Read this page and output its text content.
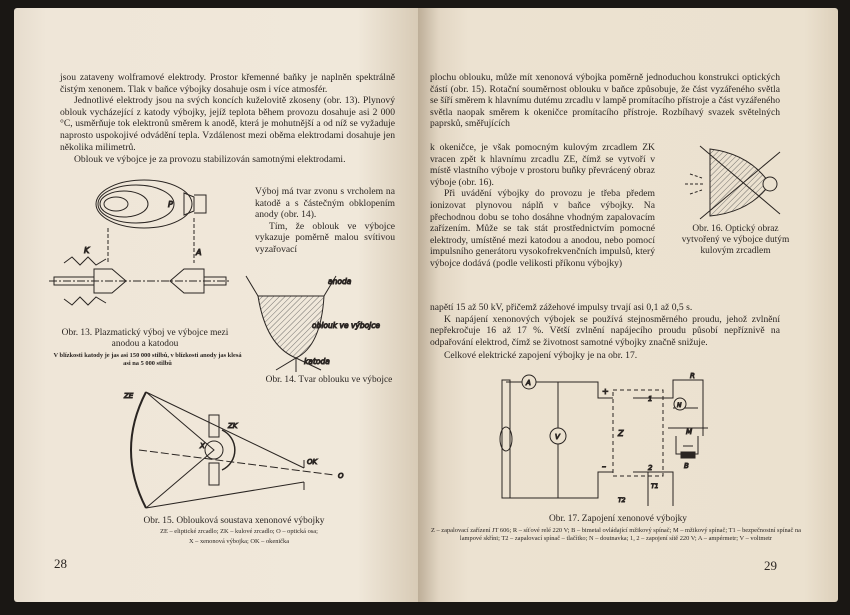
jsou zataveny wolframové elektrody. Prostor křemenné baňky je naplněn spektrálně čistým xenonem. Tlak v baňce výbojky dosahuje osm i více atmosfér.

Jednotlivé elektrody jsou na svých koncích kuželovitě zkoseny (obr. 13). Plynový oblouk vycházející z katody výbojky, jejíž teplota během provozu dosahuje asi 2 000 °C, usměrňuje tok elektronů směrem k anodě, která je mohutnější a od níž se vyžaduje naprosto uspokojivé odvádění tepla. Vzdálenost mezi oběma elektrodami dosahuje jen několika milimetrů.

Oblouk ve výbojce je za provozu stabilizován samotnými elektrodami.

Výboj má tvar zvonu s vrcholem na katodě a s částečným obklopením anody (obr. 14).

Tím, že oblouk ve výbojce vykazuje poměrně malou svítivou vyzařovací

P
K	A
Obr. 13. Plazmatický výboj ve výbojce mezi anodou a katodou
V blízkosti katody je jas asi 150 000 stilbů, v blízkosti anody jas klesá asi na 5 000 stilbů
anoda
oblouk ve výbojce
katoda
Obr. 14. Tvar oblouku ve výbojce
ZE
ZK
X
OK
O
Obr. 15. Oblouková soustava xenonové výbojky
ZE – eliptické zrcadlo; ZK – kulové zrcadlo; O – optická osa;
X – xenonová výbojka; OK – okenička
28

plochu oblouku, může mít xenonová výbojka poměrně jednoduchou konstrukci optických částí (obr. 15). Rotační souměrnost oblouku v baňce způsobuje, že část vyzářeného světla se šíří směrem k hlavnímu dutému zrcadlu v lampě promítacího přístroje a část vyzářeného světla naopak směrem k okeničce promítacího přístroje. Rozbíhavý svazek světelných paprsků, směřujících

k okeničce, je však pomocným kulovým zrcadlem ZK vracen zpět k hlavnímu zrcadlu ZE, čímž se vytvoří v místě vlastního výboje v prostoru buňky převrácený obraz výboje (obr. 16).

Při uvádění výbojky do provozu je třeba předem ionizovat plynovou náplň v baňce výbojky. Na přechodnou dobu se toho dosáhne vhodným zapalovacím zařízením. Může se tak stát prostřednictvím pomocné elektrody, umístěné mezi katodou a anodou, nebo pomocí impulsního generátoru vysokofrekvenčních impulsů, který výbojce dodává (podle velikosti příkonu výbojky)

napětí 15 až 50 kV, přičemž zážehové impulsy trvají asi 0,1 až 0,5 s.

K napájení xenonových výbojek se používá stejnosměrného proudu, jehož zvlnění nepřekročuje 16 až 17 %. Větší zvlnění napájecího proudu působí nepříznivě na odpařování elektrod, čímž se životnost samotné výbojky značně snižuje.

Celkové elektrické zapojení výbojky je na obr. 17.

Obr. 16. Optický obraz vytvořený ve výbojce dutým kulovým zrcadlem
A
V
+
–
Z
1
2
R
N
M
B
T1
T2
Obr. 17. Zapojení xenonové výbojky
Z – zapalovací zařízení JT 606; R – síťové relé 220 V; B – bimetal ovládající mžikový spínač; M – mžikový spínač; T1 – bezpečnostní spínač na lampové skříni; T2 – zapalovací spínač – tlačítko; N – doutnavka; 1, 2 – zapojení sítě 220 V; A – ampérmetr; V – voltmetr
29
